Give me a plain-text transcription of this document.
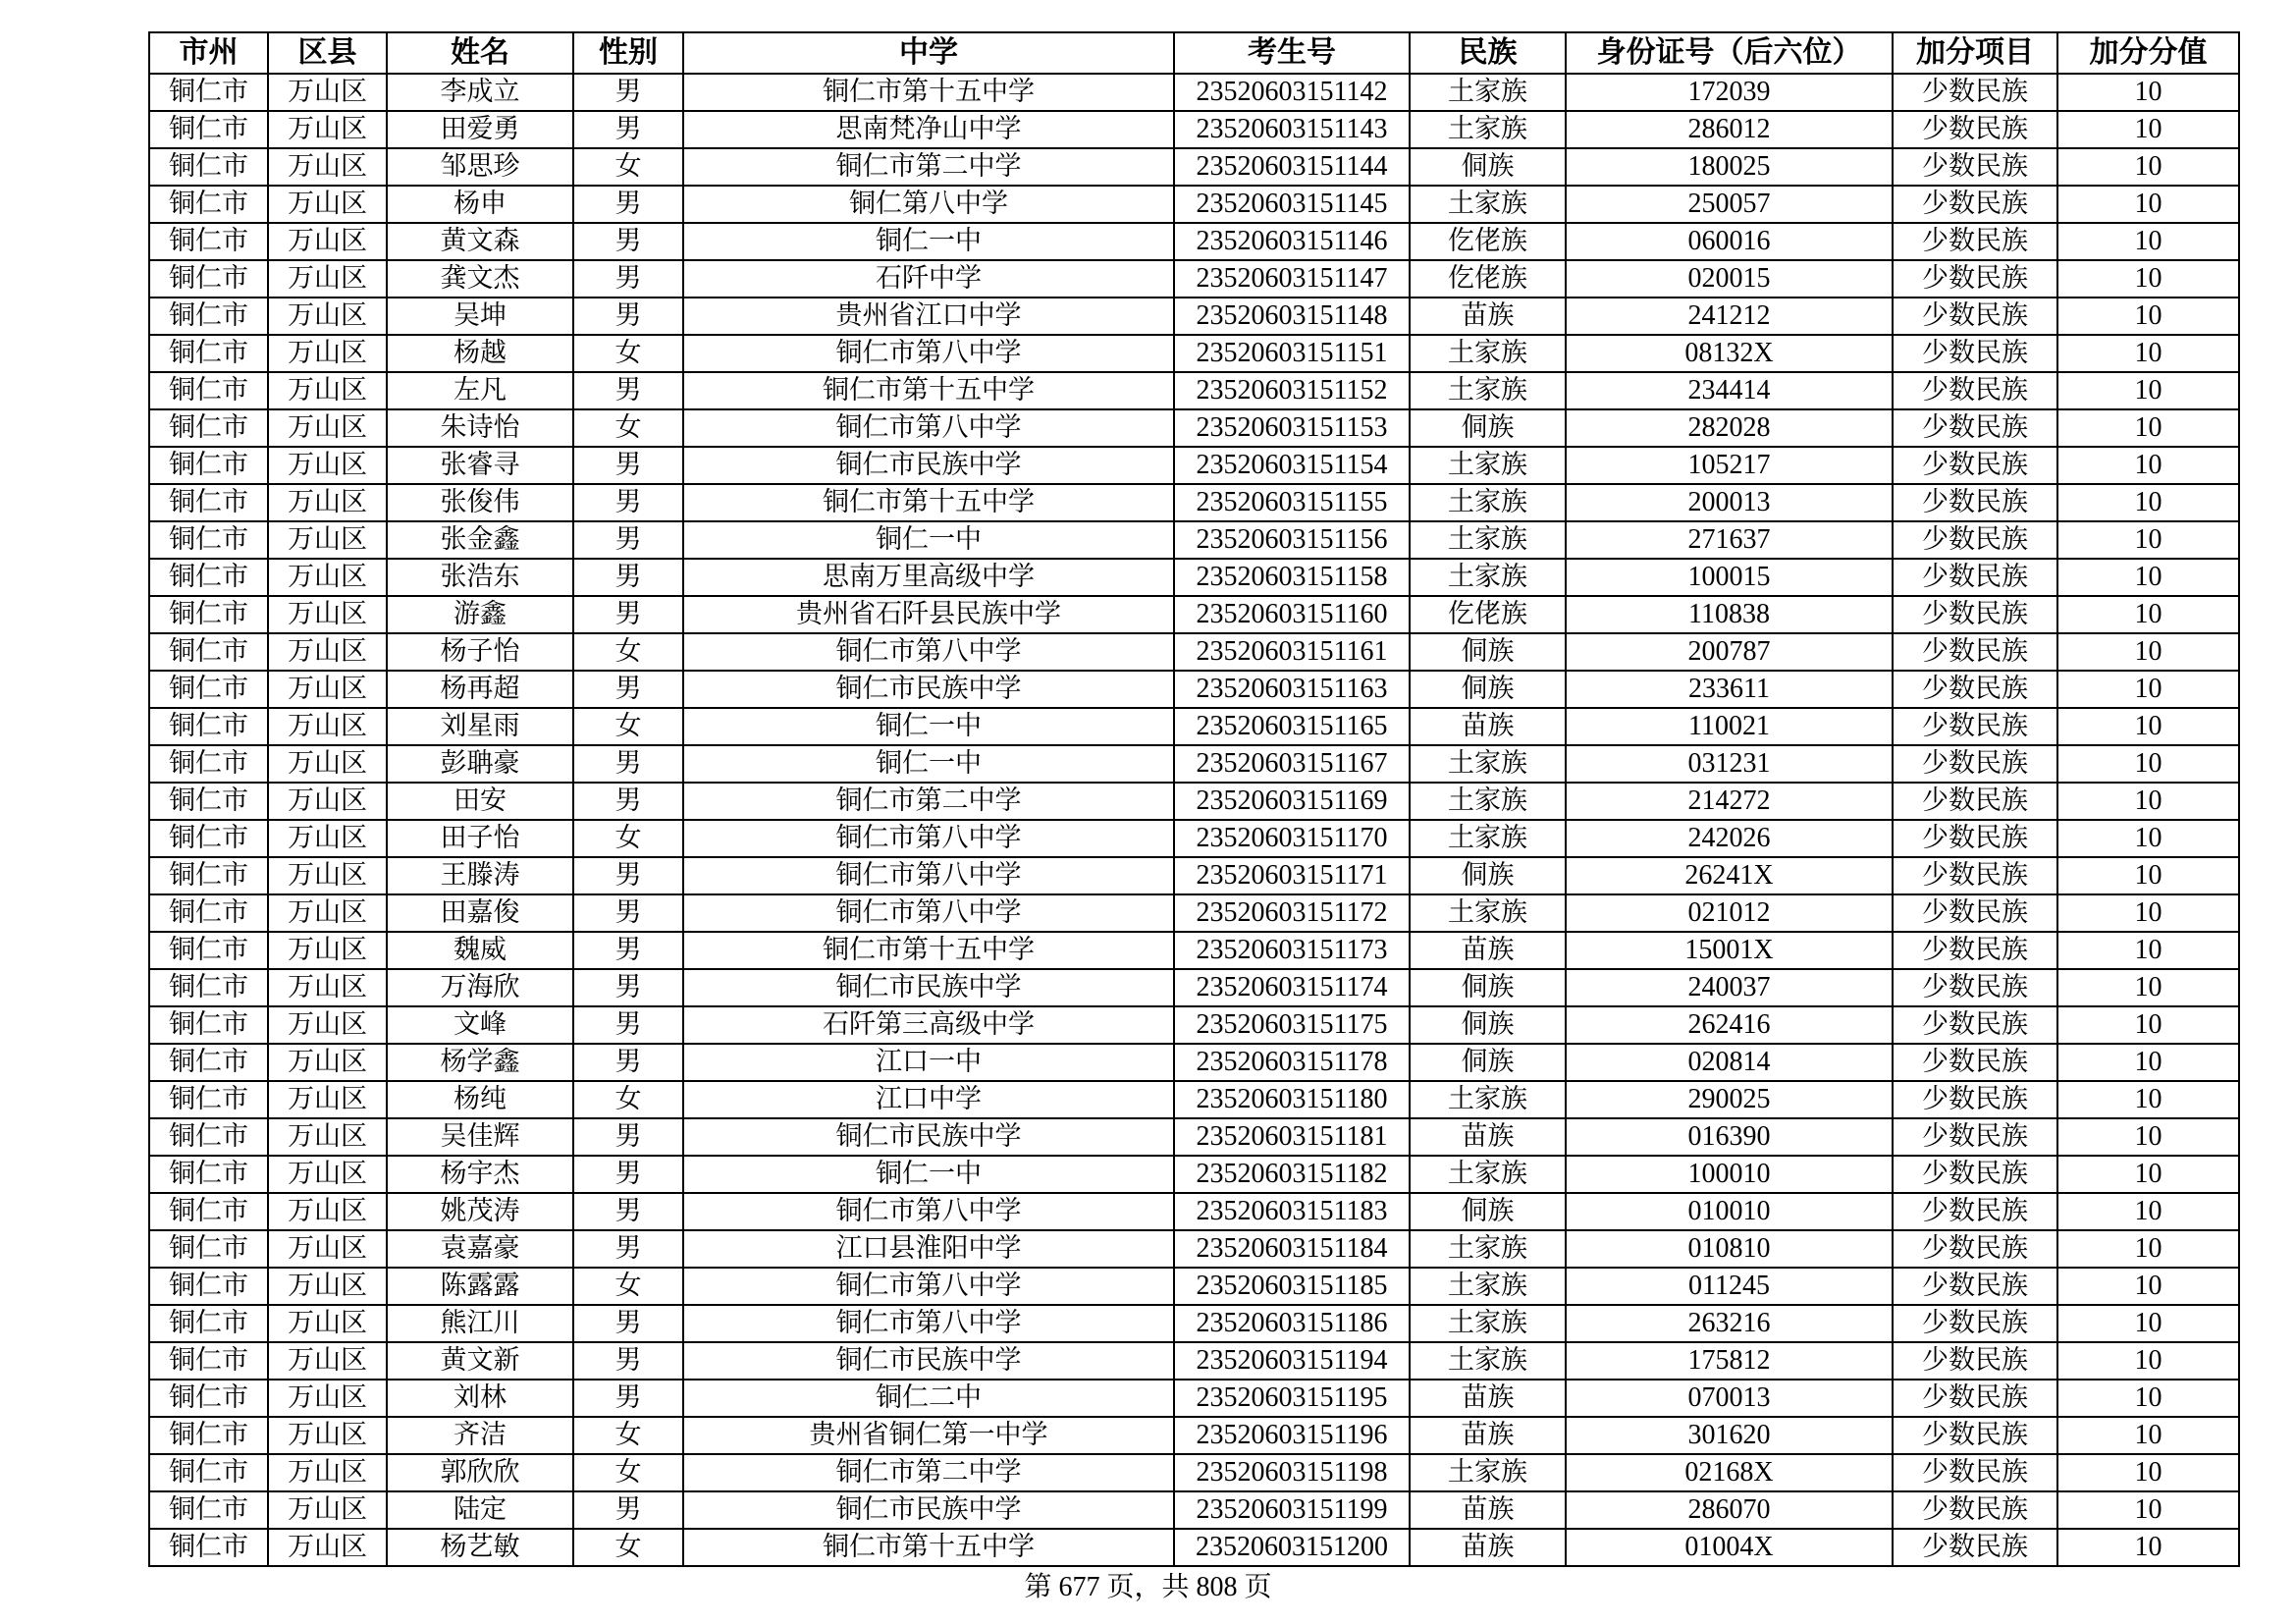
市州	区县	姓名	性别	中学	考生号	民族	身份证号（后六位）	加分项目	加分分值
铜仁市	万山区	李成立	男	铜仁市第十五中学	23520603151142	土家族	172039	少数民族	10
铜仁市	万山区	田爱勇	男	思南梵净山中学	23520603151143	土家族	286012	少数民族	10
铜仁市	万山区	邹思珍	女	铜仁市第二中学	23520603151144	侗族	180025	少数民族	10
铜仁市	万山区	杨申	男	铜仁第八中学	23520603151145	土家族	250057	少数民族	10
铜仁市	万山区	黄文森	男	铜仁一中	23520603151146	仡佬族	060016	少数民族	10
铜仁市	万山区	龚文杰	男	石阡中学	23520603151147	仡佬族	020015	少数民族	10
铜仁市	万山区	吴坤	男	贵州省江口中学	23520603151148	苗族	241212	少数民族	10
铜仁市	万山区	杨越	女	铜仁市第八中学	23520603151151	土家族	08132X	少数民族	10
铜仁市	万山区	左凡	男	铜仁市第十五中学	23520603151152	土家族	234414	少数民族	10
铜仁市	万山区	朱诗怡	女	铜仁市第八中学	23520603151153	侗族	282028	少数民族	10
铜仁市	万山区	张睿寻	男	铜仁市民族中学	23520603151154	土家族	105217	少数民族	10
铜仁市	万山区	张俊伟	男	铜仁市第十五中学	23520603151155	土家族	200013	少数民族	10
铜仁市	万山区	张金鑫	男	铜仁一中	23520603151156	土家族	271637	少数民族	10
铜仁市	万山区	张浩东	男	思南万里高级中学	23520603151158	土家族	100015	少数民族	10
铜仁市	万山区	游鑫	男	贵州省石阡县民族中学	23520603151160	仡佬族	110838	少数民族	10
铜仁市	万山区	杨子怡	女	铜仁市第八中学	23520603151161	侗族	200787	少数民族	10
铜仁市	万山区	杨再超	男	铜仁市民族中学	23520603151163	侗族	233611	少数民族	10
铜仁市	万山区	刘星雨	女	铜仁一中	23520603151165	苗族	110021	少数民族	10
铜仁市	万山区	彭聃豪	男	铜仁一中	23520603151167	土家族	031231	少数民族	10
铜仁市	万山区	田安	男	铜仁市第二中学	23520603151169	土家族	214272	少数民族	10
铜仁市	万山区	田子怡	女	铜仁市第八中学	23520603151170	土家族	242026	少数民族	10
铜仁市	万山区	王滕涛	男	铜仁市第八中学	23520603151171	侗族	26241X	少数民族	10
铜仁市	万山区	田嘉俊	男	铜仁市第八中学	23520603151172	土家族	021012	少数民族	10
铜仁市	万山区	魏威	男	铜仁市第十五中学	23520603151173	苗族	15001X	少数民族	10
铜仁市	万山区	万海欣	男	铜仁市民族中学	23520603151174	侗族	240037	少数民族	10
铜仁市	万山区	文峰	男	石阡第三高级中学	23520603151175	侗族	262416	少数民族	10
铜仁市	万山区	杨学鑫	男	江口一中	23520603151178	侗族	020814	少数民族	10
铜仁市	万山区	杨纯	女	江口中学	23520603151180	土家族	290025	少数民族	10
铜仁市	万山区	吴佳辉	男	铜仁市民族中学	23520603151181	苗族	016390	少数民族	10
铜仁市	万山区	杨宇杰	男	铜仁一中	23520603151182	土家族	100010	少数民族	10
铜仁市	万山区	姚茂涛	男	铜仁市第八中学	23520603151183	侗族	010010	少数民族	10
铜仁市	万山区	袁嘉豪	男	江口县淮阳中学	23520603151184	土家族	010810	少数民族	10
铜仁市	万山区	陈露露	女	铜仁市第八中学	23520603151185	土家族	011245	少数民族	10
铜仁市	万山区	熊江川	男	铜仁市第八中学	23520603151186	土家族	263216	少数民族	10
铜仁市	万山区	黄文新	男	铜仁市民族中学	23520603151194	土家族	175812	少数民族	10
铜仁市	万山区	刘林	男	铜仁二中	23520603151195	苗族	070013	少数民族	10
铜仁市	万山区	齐洁	女	贵州省铜仁第一中学	23520603151196	苗族	301620	少数民族	10
铜仁市	万山区	郭欣欣	女	铜仁市第二中学	23520603151198	土家族	02168X	少数民族	10
铜仁市	万山区	陆定	男	铜仁市民族中学	23520603151199	苗族	286070	少数民族	10
铜仁市	万山区	杨艺敏	女	铜仁市第十五中学	23520603151200	苗族	01004X	少数民族	10
第 677 页，共 808 页
